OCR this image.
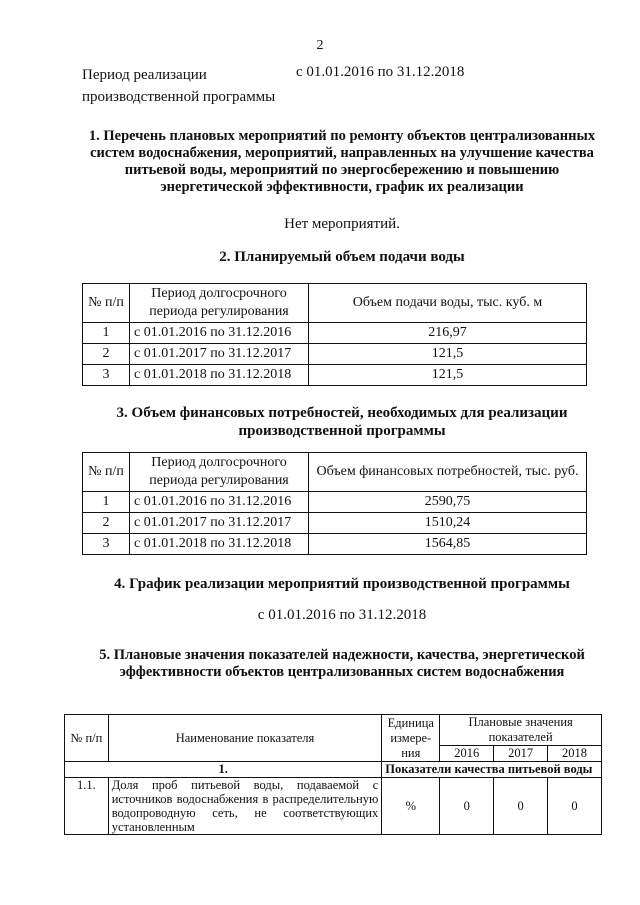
2
Период реализации производственной программы
с 01.01.2016 по 31.12.2018
1. Перечень плановых мероприятий по ремонту объектов централизованных систем водоснабжения, мероприятий, направленных на улучшение качества питьевой воды, мероприятий по энергосбережению и повышению энергетической эффективности, график их реализации
Нет мероприятий.
2. Планируемый объем подачи воды
№ п/п	Период долгосрочного периода регулирования	Объем подачи воды, тыс. куб. м
1	с 01.01.2016 по 31.12.2016	216,97
2	с 01.01.2017 по 31.12.2017	121,5
3	с 01.01.2018 по 31.12.2018	121,5
3. Объем финансовых потребностей, необходимых для реализации производственной программы
№ п/п	Период долгосрочного периода регулирования	Объем финансовых потребностей, тыс. руб.
1	с 01.01.2016 по 31.12.2016	2590,75
2	с 01.01.2017 по 31.12.2017	1510,24
3	с 01.01.2018 по 31.12.2018	1564,85
4. График реализации мероприятий производственной программы
с 01.01.2016 по 31.12.2018
5. Плановые значения показателей надежности, качества, энергетической эффективности объектов централизованных систем водоснабжения
№ п/п	Наименование показателя	Единица измере-ния	Плановые значения показателей		
			2016	2017	2018
1.		Показатели качества питьевой воды			
1.1.	Доля проб питьевой воды, подаваемой с источников водоснабжения в распределительную водопроводную сеть, не соответствующих установленным	%	0	0	0
